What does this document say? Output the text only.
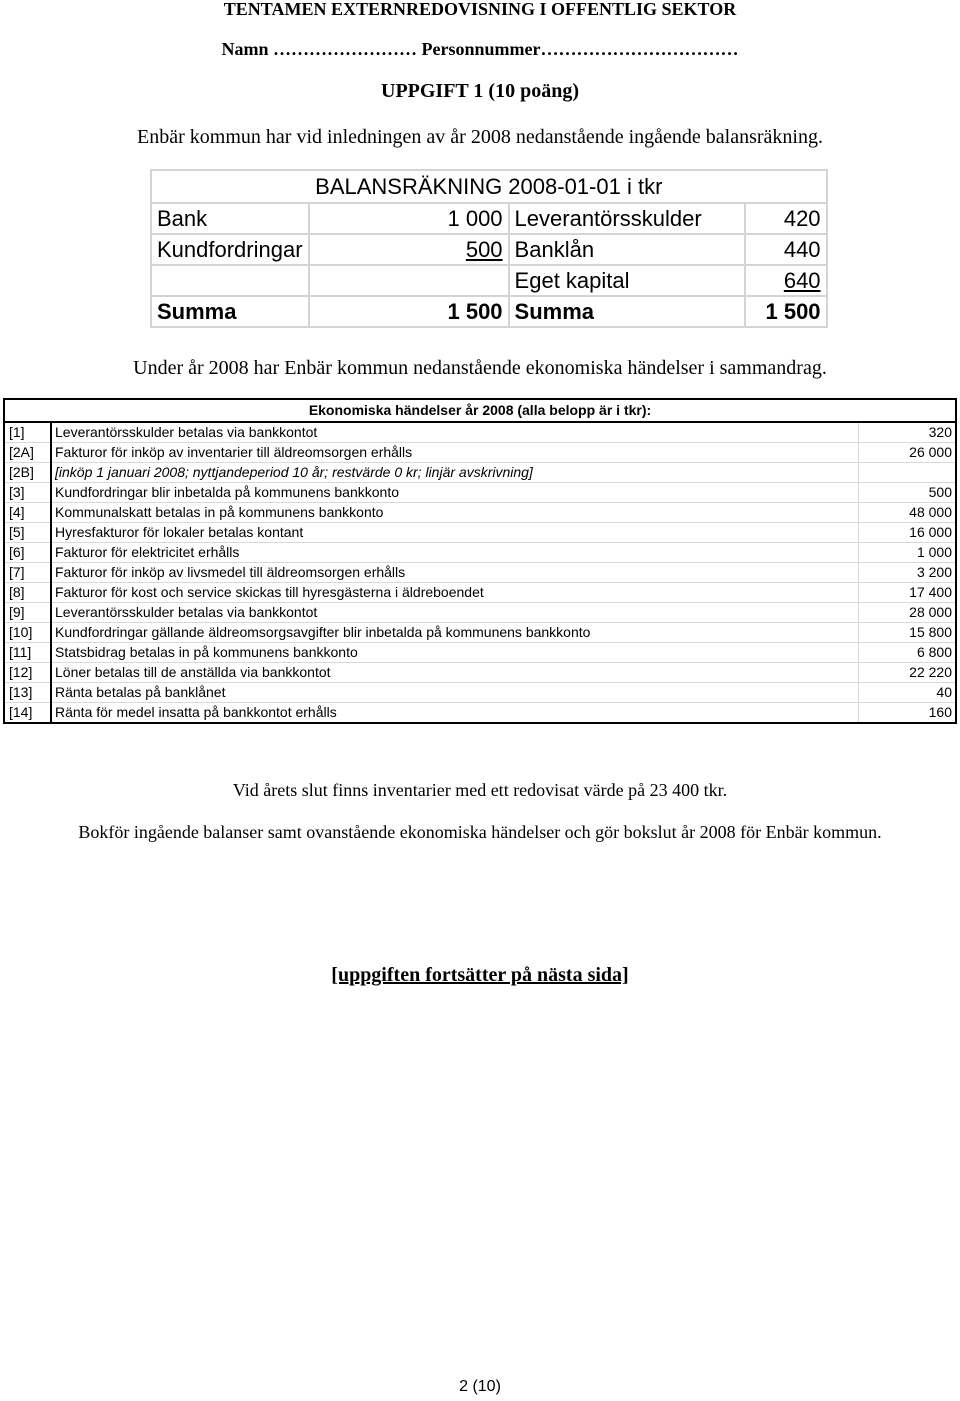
TENTAMEN EXTERNREDOVISNING I OFFENTLIG SEKTOR
Namn …………………… Personnummer……………………………
UPPGIFT 1 (10 poäng)
Enbär kommun har vid inledningen av år 2008 nedanstående ingående balansräkning.
BALANSRÄKNING 2008-01-01 i tkr			
Bank	1 000	Leverantörsskulder	420
Kundfordringar	500	Banklån	440
		Eget kapital	640
Summa	1 500	Summa	1 500
Under år 2008 har Enbär kommun nedanstående ekonomiska händelser i sammandrag.
Ekonomiska händelser år 2008 (alla belopp är i tkr):		
[1]	Leverantörsskulder betalas via bankkontot	320
[2A]	Fakturor för inköp av inventarier till äldreomsorgen erhålls	26 000
[2B]	[inköp 1 januari 2008; nyttjandeperiod 10 år; restvärde 0 kr; linjär avskrivning]	
[3]	Kundfordringar blir inbetalda på kommunens bankkonto	500
[4]	Kommunalskatt betalas in på kommunens bankkonto	48 000
[5]	Hyresfakturor för lokaler betalas kontant	16 000
[6]	Fakturor för elektricitet erhålls	1 000
[7]	Fakturor för inköp av livsmedel till äldreomsorgen erhålls	3 200
[8]	Fakturor för kost och service skickas till hyresgästerna i äldreboendet	17 400
[9]	Leverantörsskulder betalas via bankkontot	28 000
[10]	Kundfordringar gällande äldreomsorgsavgifter blir inbetalda på kommunens bankkonto	15 800
[11]	Statsbidrag betalas in på kommunens bankkonto	6 800
[12]	Löner betalas till de anställda via bankkontot	22 220
[13]	Ränta betalas på banklånet	40
[14]	Ränta för medel insatta på bankkontot erhålls	160
Vid årets slut finns inventarier med ett redovisat värde på 23 400 tkr.
Bokför ingående balanser samt ovanstående ekonomiska händelser och gör bokslut år 2008 för Enbär kommun.
[uppgiften fortsätter på nästa sida]
2 (10)
